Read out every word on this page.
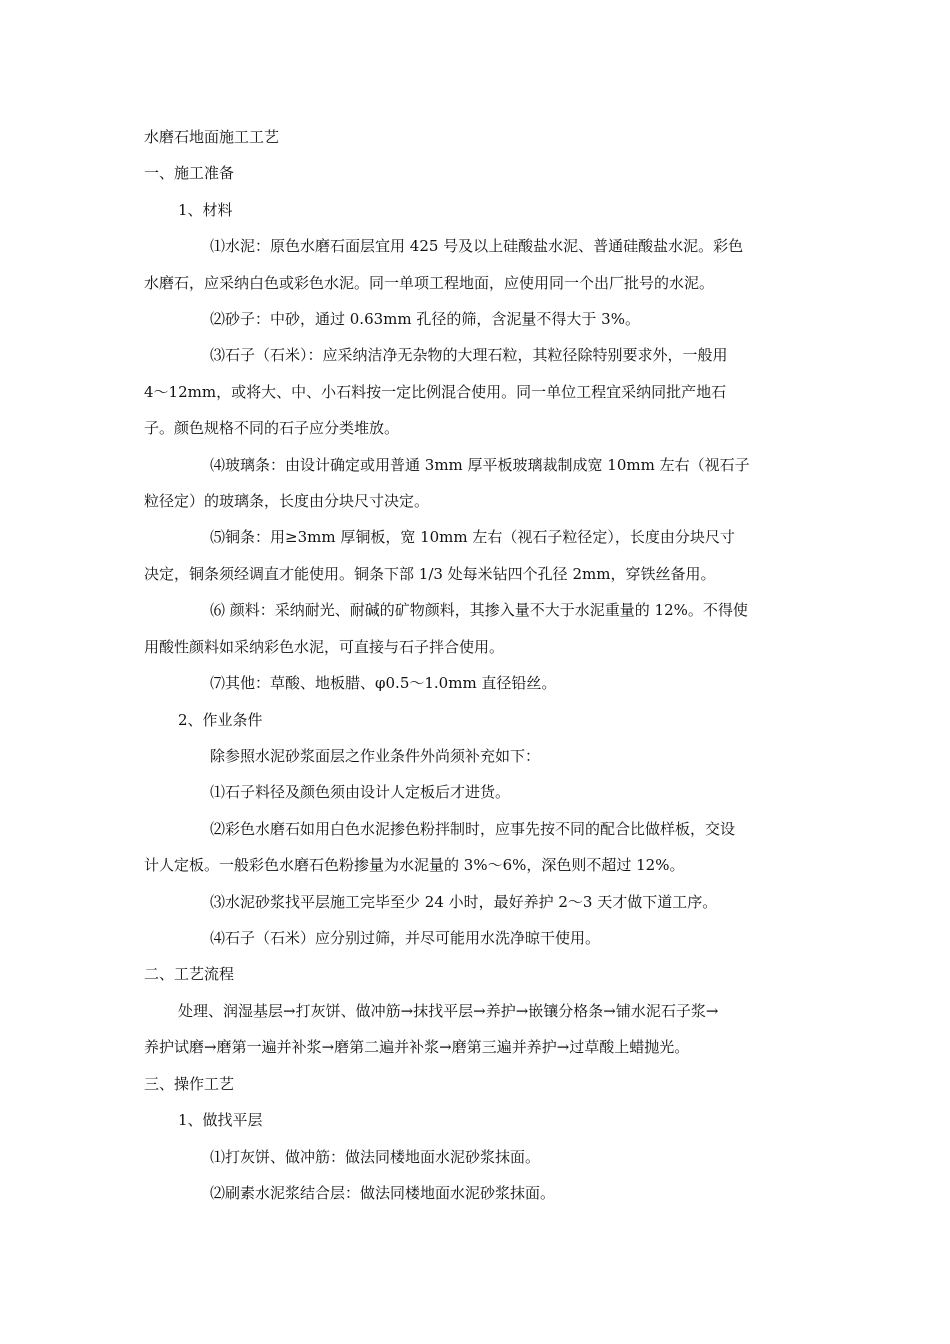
水磨石地面施工工艺
一、施工准备
1、材料
⑴水泥：原色水磨石面层宜用 425 号及以上硅酸盐水泥、普通硅酸盐水泥。彩色
水磨石，应采纳白色或彩色水泥。同一单项工程地面，应使用同一个出厂批号的水泥。
⑵砂子：中砂，通过 0.63mm 孔径的筛，含泥量不得大于 3%。
⑶石子（石米）：应采纳洁净无杂物的大理石粒，其粒径除特别要求外，一般用
4～12mm，或将大、中、小石料按一定比例混合使用。同一单位工程宜采纳同批产地石
子。颜色规格不同的石子应分类堆放。
⑷玻璃条：由设计确定或用普通 3mm 厚平板玻璃裁制成宽 10mm 左右（视石子
粒径定）的玻璃条，长度由分块尺寸决定。
⑸铜条：用≥3mm 厚铜板，宽 10mm 左右（视石子粒径定），长度由分块尺寸
决定，铜条须经调直才能使用。铜条下部 1/3 处每米钻四个孔径 2mm，穿铁丝备用。
⑹ 颜料：采纳耐光、耐碱的矿物颜料，其掺入量不大于水泥重量的 12%。不得使
用酸性颜料如采纳彩色水泥，可直接与石子拌合使用。
⑺其他：草酸、地板腊、φ0.5～1.0mm 直径铅丝。
2、作业条件
除参照水泥砂浆面层之作业条件外尚须补充如下：
⑴石子料径及颜色须由设计人定板后才进货。
⑵彩色水磨石如用白色水泥掺色粉拌制时，应事先按不同的配合比做样板，交设
计人定板。一般彩色水磨石色粉掺量为水泥量的 3%～6%，深色则不超过 12%。
⑶水泥砂浆找平层施工完毕至少 24 小时，最好养护 2～3 天才做下道工序。
⑷石子（石米）应分别过筛，并尽可能用水洗净晾干使用。
二、工艺流程
处理、润湿基层→打灰饼、做冲筋→抹找平层→养护→嵌镶分格条→铺水泥石子浆→
养护试磨→磨第一遍并补浆→磨第二遍并补浆→磨第三遍并养护→过草酸上蜡抛光。
三、操作工艺
1、做找平层
⑴打灰饼、做冲筋：做法同楼地面水泥砂浆抹面。
⑵刷素水泥浆结合层：做法同楼地面水泥砂浆抹面。
